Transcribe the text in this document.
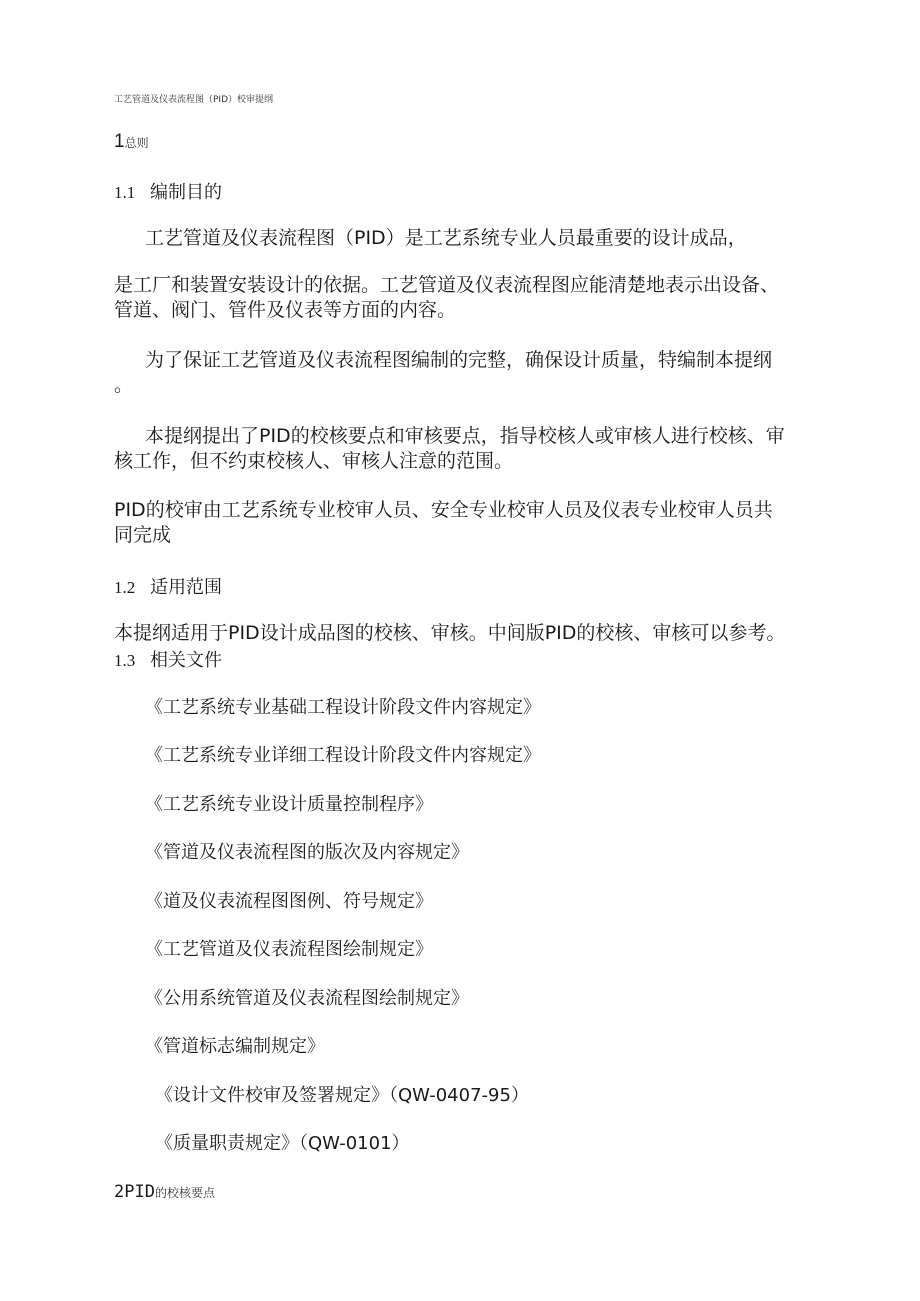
工艺管道及仪表流程图（PID）校审提纲
1总则
1.1 编制目的
工艺管道及仪表流程图（PID）是工艺系统专业人员最重要的设计成品，
是工厂和装置安装设计的依据。工艺管道及仪表流程图应能清楚地表示出设备、
管道、阀门、管件及仪表等方面的内容。
为了保证工艺管道及仪表流程图编制的完整，确保设计质量，特编制本提纲
。
本提纲提出了PID的校核要点和审核要点，指导校核人或审核人进行校核、审
核工作，但不约束校核人、审核人注意的范围。
PID的校审由工艺系统专业校审人员、安全专业校审人员及仪表专业校审人员共
同完成
1.2 适用范围
本提纲适用于PID设计成品图的校核、审核。中间版PID的校核、审核可以参考。
1.3 相关文件
《工艺系统专业基础工程设计阶段文件内容规定》
《工艺系统专业详细工程设计阶段文件内容规定》
《工艺系统专业设计质量控制程序》
《管道及仪表流程图的版次及内容规定》
《道及仪表流程图图例、符号规定》
《工艺管道及仪表流程图绘制规定》
《公用系统管道及仪表流程图绘制规定》
《管道标志编制规定》
《设计文件校审及签署规定》（QW-0407-95）
《质量职责规定》（QW-0101）
2PID的校核要点
